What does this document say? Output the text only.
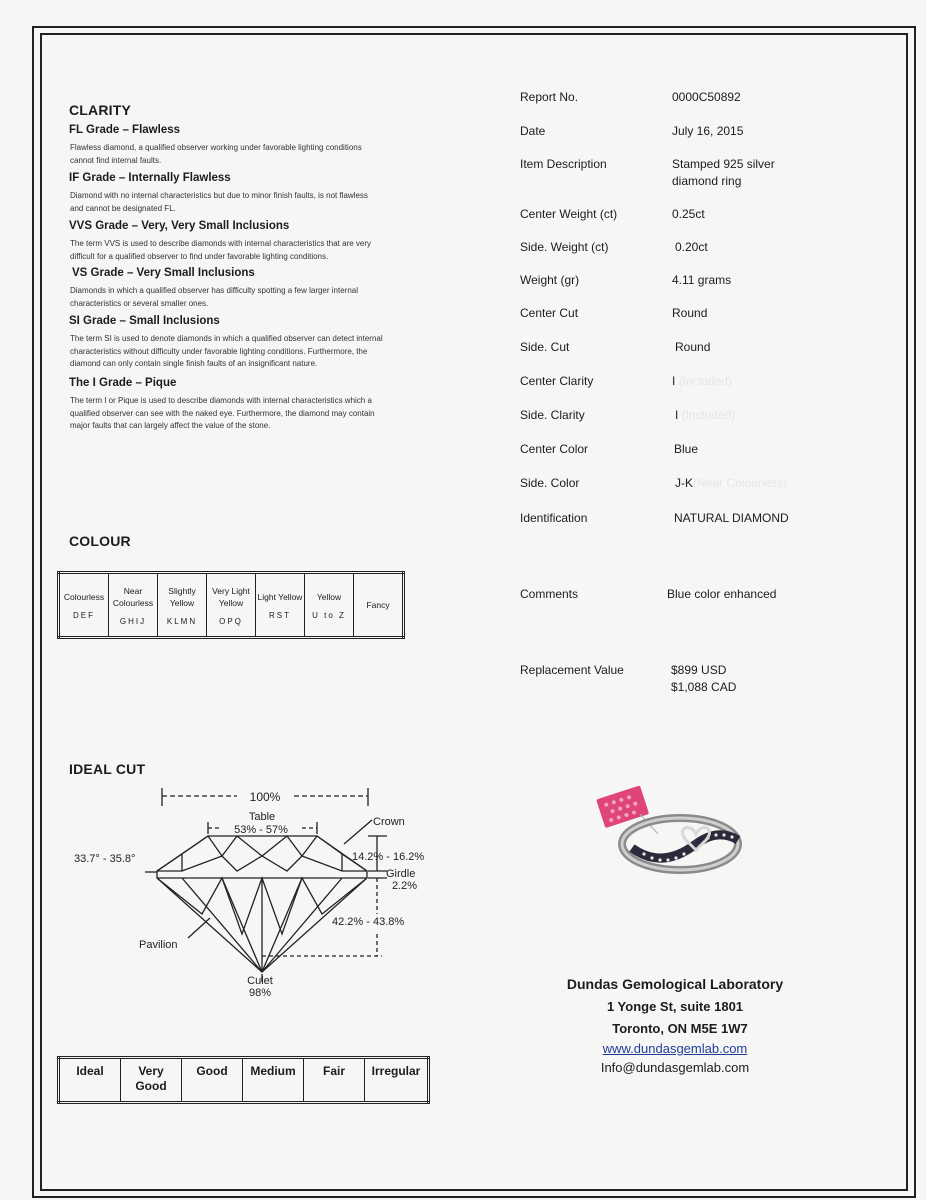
CLARITY
FL Grade – Flawless
Flawless diamond, a qualified observer working under favorable lighting conditions
cannot find internal faults.
IF Grade – Internally Flawless
Diamond with no internal characteristics but due to minor finish faults, is not flawless
and cannot be designated FL.
VVS Grade – Very, Very Small Inclusions
The term VVS is used to describe diamonds with internal characteristics that are very
difficult for a qualified observer to find under favorable lighting conditions.
VS Grade – Very Small Inclusions
Diamonds in which a qualified observer has difficulty spotting a few larger internal
characteristics or several smaller ones.
SI Grade – Small Inclusions
The term SI is used to denote diamonds in which a qualified observer can detect internal
characteristics without difficulty under favorable lighting conditions. Furthermore, the
diamond can only contain single finish faults of an insignificant nature.
The I Grade – Pique
The term I or Pique is used to describe diamonds with internal characteristics which a
qualified observer can see with the naked eye. Furthermore, the diamond may contain
major faults that can largely affect the value of the stone.
COLOUR
Colourless
DEF

Near Colourless
GHIJ

Slightly Yellow
KLMN

Very Light Yellow
OPQ

Light Yellow
RST

Yellow
U to Z

Fancy
IDEAL CUT
100%
Table
53% - 57%
Crown
33.7° - 35.8°	14.2% - 16.2%
Girdle
2.2%
42.2% - 43.8%
Pavilion
Culet
98%
Ideal	Very Good	Good	Medium	Fair	Irregular
Report No.	0000C50892
Date	July 16, 2015
Item Description	Stamped 925 silver
diamond ring
Center Weight (ct)	0.25ct
Side. Weight (ct)	0.20ct
Weight (gr)	4.11 grams
Center Cut	Round
Side. Cut	Round
Center Clarity	I (Included)
Side. Clarity	I (Included)
Center Color	Blue
Side. Color	J-K(Near Colourless)
Identification	NATURAL DIAMOND
Comments	Blue color enhanced
Replacement Value	$899 USD
$1,088 CAD
Dundas Gemological Laboratory
1 Yonge St, suite 1801
Toronto, ON M5E 1W7
www.dundasgemlab.com
Info@dundasgemlab.com
